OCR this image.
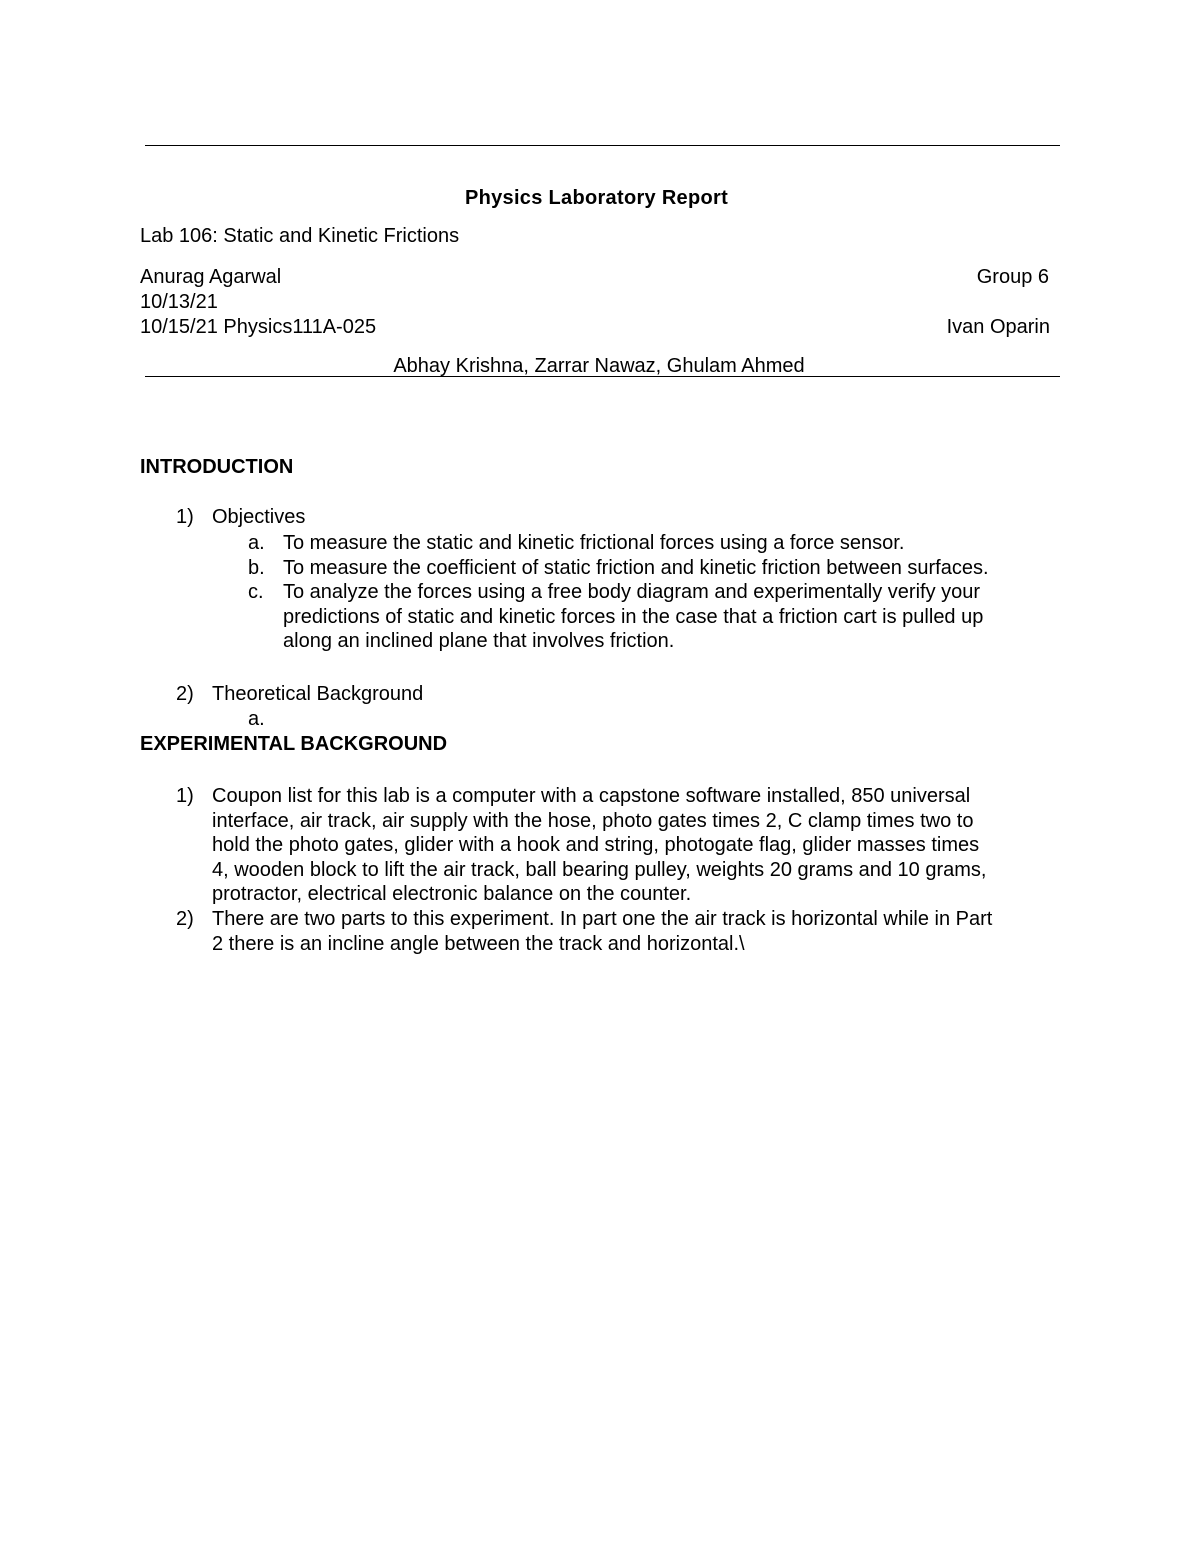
Physics Laboratory Report
Lab 106: Static and Kinetic Frictions
Anurag Agarwal	Group 6
10/13/21
10/15/21 Physics111A-025	Ivan Oparin
Abhay Krishna, Zarrar Nawaz, Ghulam Ahmed
INTRODUCTION
1) Objectives
a. To measure the static and kinetic frictional forces using a force sensor.
b. To measure the coefficient of static friction and kinetic friction between surfaces.
c. To analyze the forces using a free body diagram and experimentally verify your
predictions of static and kinetic forces in the case that a friction cart is pulled up
along an inclined plane that involves friction.
2) Theoretical Background
a.
EXPERIMENTAL BACKGROUND
1) Coupon list for this lab is a computer with a capstone software installed, 850 universal
interface, air track, air supply with the hose, photo gates times 2, C clamp times two to
hold the photo gates, glider with a hook and string, photogate flag, glider masses times
4, wooden block to lift the air track, ball bearing pulley, weights 20 grams and 10 grams,
protractor, electrical electronic balance on the counter.
2) There are two parts to this experiment. In part one the air track is horizontal while in Part
2 there is an incline angle between the track and horizontal.\
